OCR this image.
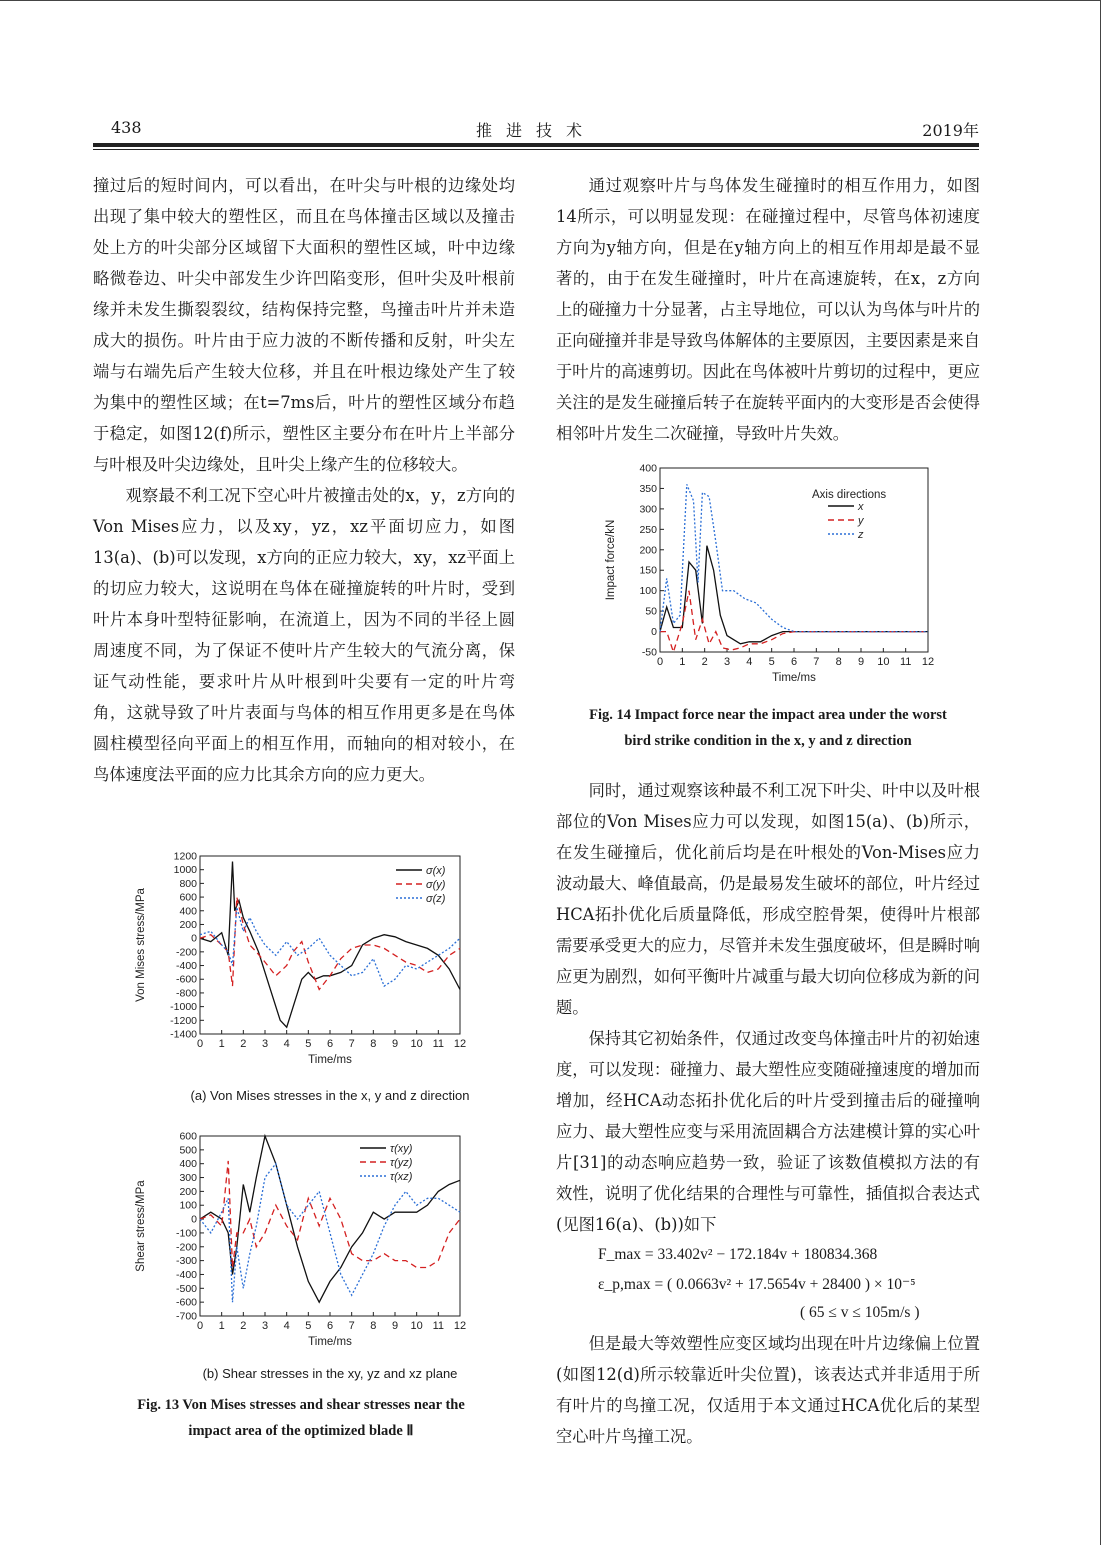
438	推进技术	2019年

撞过后的短时间内，可以看出，在叶尖与叶根的边缘处均出现了集中较大的塑性区，而且在鸟体撞击区域以及撞击处上方的叶尖部分区域留下大面积的塑性区域，叶中边缘略微卷边、叶尖中部发生少许凹陷变形，但叶尖及叶根前缘并未发生撕裂裂纹，结构保持完整，鸟撞击叶片并未造成大的损伤。叶片由于应力波的不断传播和反射，叶尖左端与右端先后产生较大位移，并且在叶根边缘处产生了较为集中的塑性区域；在t=7ms后，叶片的塑性区域分布趋于稳定，如图12(f)所示，塑性区主要分布在叶片上半部分与叶根及叶尖边缘处，且叶尖上缘产生的位移较大。

观察最不利工况下空心叶片被撞击处的x，y，z方向的Von Mises应力，以及xy，yz，xz平面切应力，如图13(a)、(b)可以发现，x方向的正应力较大，xy，xz平面上的切应力较大，这说明在鸟体在碰撞旋转的叶片时，受到叶片本身叶型特征影响，在流道上，因为不同的半径上圆周速度不同，为了保证不使叶片产生较大的气流分离，保证气动性能，要求叶片从叶根到叶尖要有一定的叶片弯角，这就导致了叶片表面与鸟体的相互作用更多是在鸟体圆柱模型径向平面上的相互作用，而轴向的相对较小，在鸟体速度法平面的应力比其余方向的应力更大。

0 1 2 3 4 5 6 7 8 9 10 11 12
-1400
-1200
-1000
-800
-600
-400
-200
0
200
400
600
800
1000
1200
Time/ms
Von Mises stress/MPa
σ(x)
σ(y)
σ(z)
(a) Von Mises stresses in the x, y and z direction
0 1 2 3 4 5 6 7 8 9 10 11 12
-700
-600
-500
-400
-300
-200
-100
0
100
200
300
400
500
600
Time/ms
Shear stress/MPa
τ(xy)
τ(yz)
τ(xz)
(b) Shear stresses in the xy, yz and xz plane
Fig. 13 Von Mises stresses and shear stresses near the
impact area of the optimized blade Ⅱ

通过观察叶片与鸟体发生碰撞时的相互作用力，如图14所示，可以明显发现：在碰撞过程中，尽管鸟体初速度方向为y轴方向，但是在y轴方向上的相互作用却是最不显著的，由于在发生碰撞时，叶片在高速旋转，在x，z方向上的碰撞力十分显著，占主导地位，可以认为鸟体与叶片的正向碰撞并非是导致鸟体解体的主要原因，主要因素是来自于叶片的高速剪切。因此在鸟体被叶片剪切的过程中，更应关注的是发生碰撞后转子在旋转平面内的大变形是否会使得相邻叶片发生二次碰撞，导致叶片失效。

0 1 2 3 4 5 6 7 8 9 10 11 12
-50
0
50
100
150
200
250
300
350
400
Time/ms
Impact force/kN
Axis directions
x
y
z
Fig. 14 Impact force near the impact area under the worst
bird strike condition in the x, y and z direction

同时，通过观察该种最不利工况下叶尖、叶中以及叶根部位的Von Mises应力可以发现，如图15(a)、(b)所示，在发生碰撞后，优化前后均是在叶根处的Von-Mises应力波动最大、峰值最高，仍是最易发生破坏的部位，叶片经过HCA拓扑优化后质量降低，形成空腔骨架，使得叶片根部需要承受更大的应力，尽管并未发生强度破坏，但是瞬时响应更为剧烈，如何平衡叶片减重与最大切向位移成为新的问题。

保持其它初始条件，仅通过改变鸟体撞击叶片的初始速度，可以发现：碰撞力、最大塑性应变随碰撞速度的增加而增加，经HCA动态拓扑优化后的叶片受到撞击后的碰撞响应力、最大塑性应变与采用流固耦合方法建模计算的实心叶片[31]的动态响应趋势一致，验证了该数值模拟方法的有效性，说明了优化结果的合理性与可靠性，插值拟合表达式(见图16(a)、(b))如下

F_max = 33.402v² − 172.184v + 180834.368
ε_p,max = ( 0.0663v² + 17.5654v + 28400 ) × 10⁻⁵
( 65 ≤ v ≤ 105m/s )

但是最大等效塑性应变区域均出现在叶片边缘偏上位置(如图12(d)所示较靠近叶尖位置)，该表达式并非适用于所有叶片的鸟撞工况，仅适用于本文通过HCA优化后的某型空心叶片鸟撞工况。
